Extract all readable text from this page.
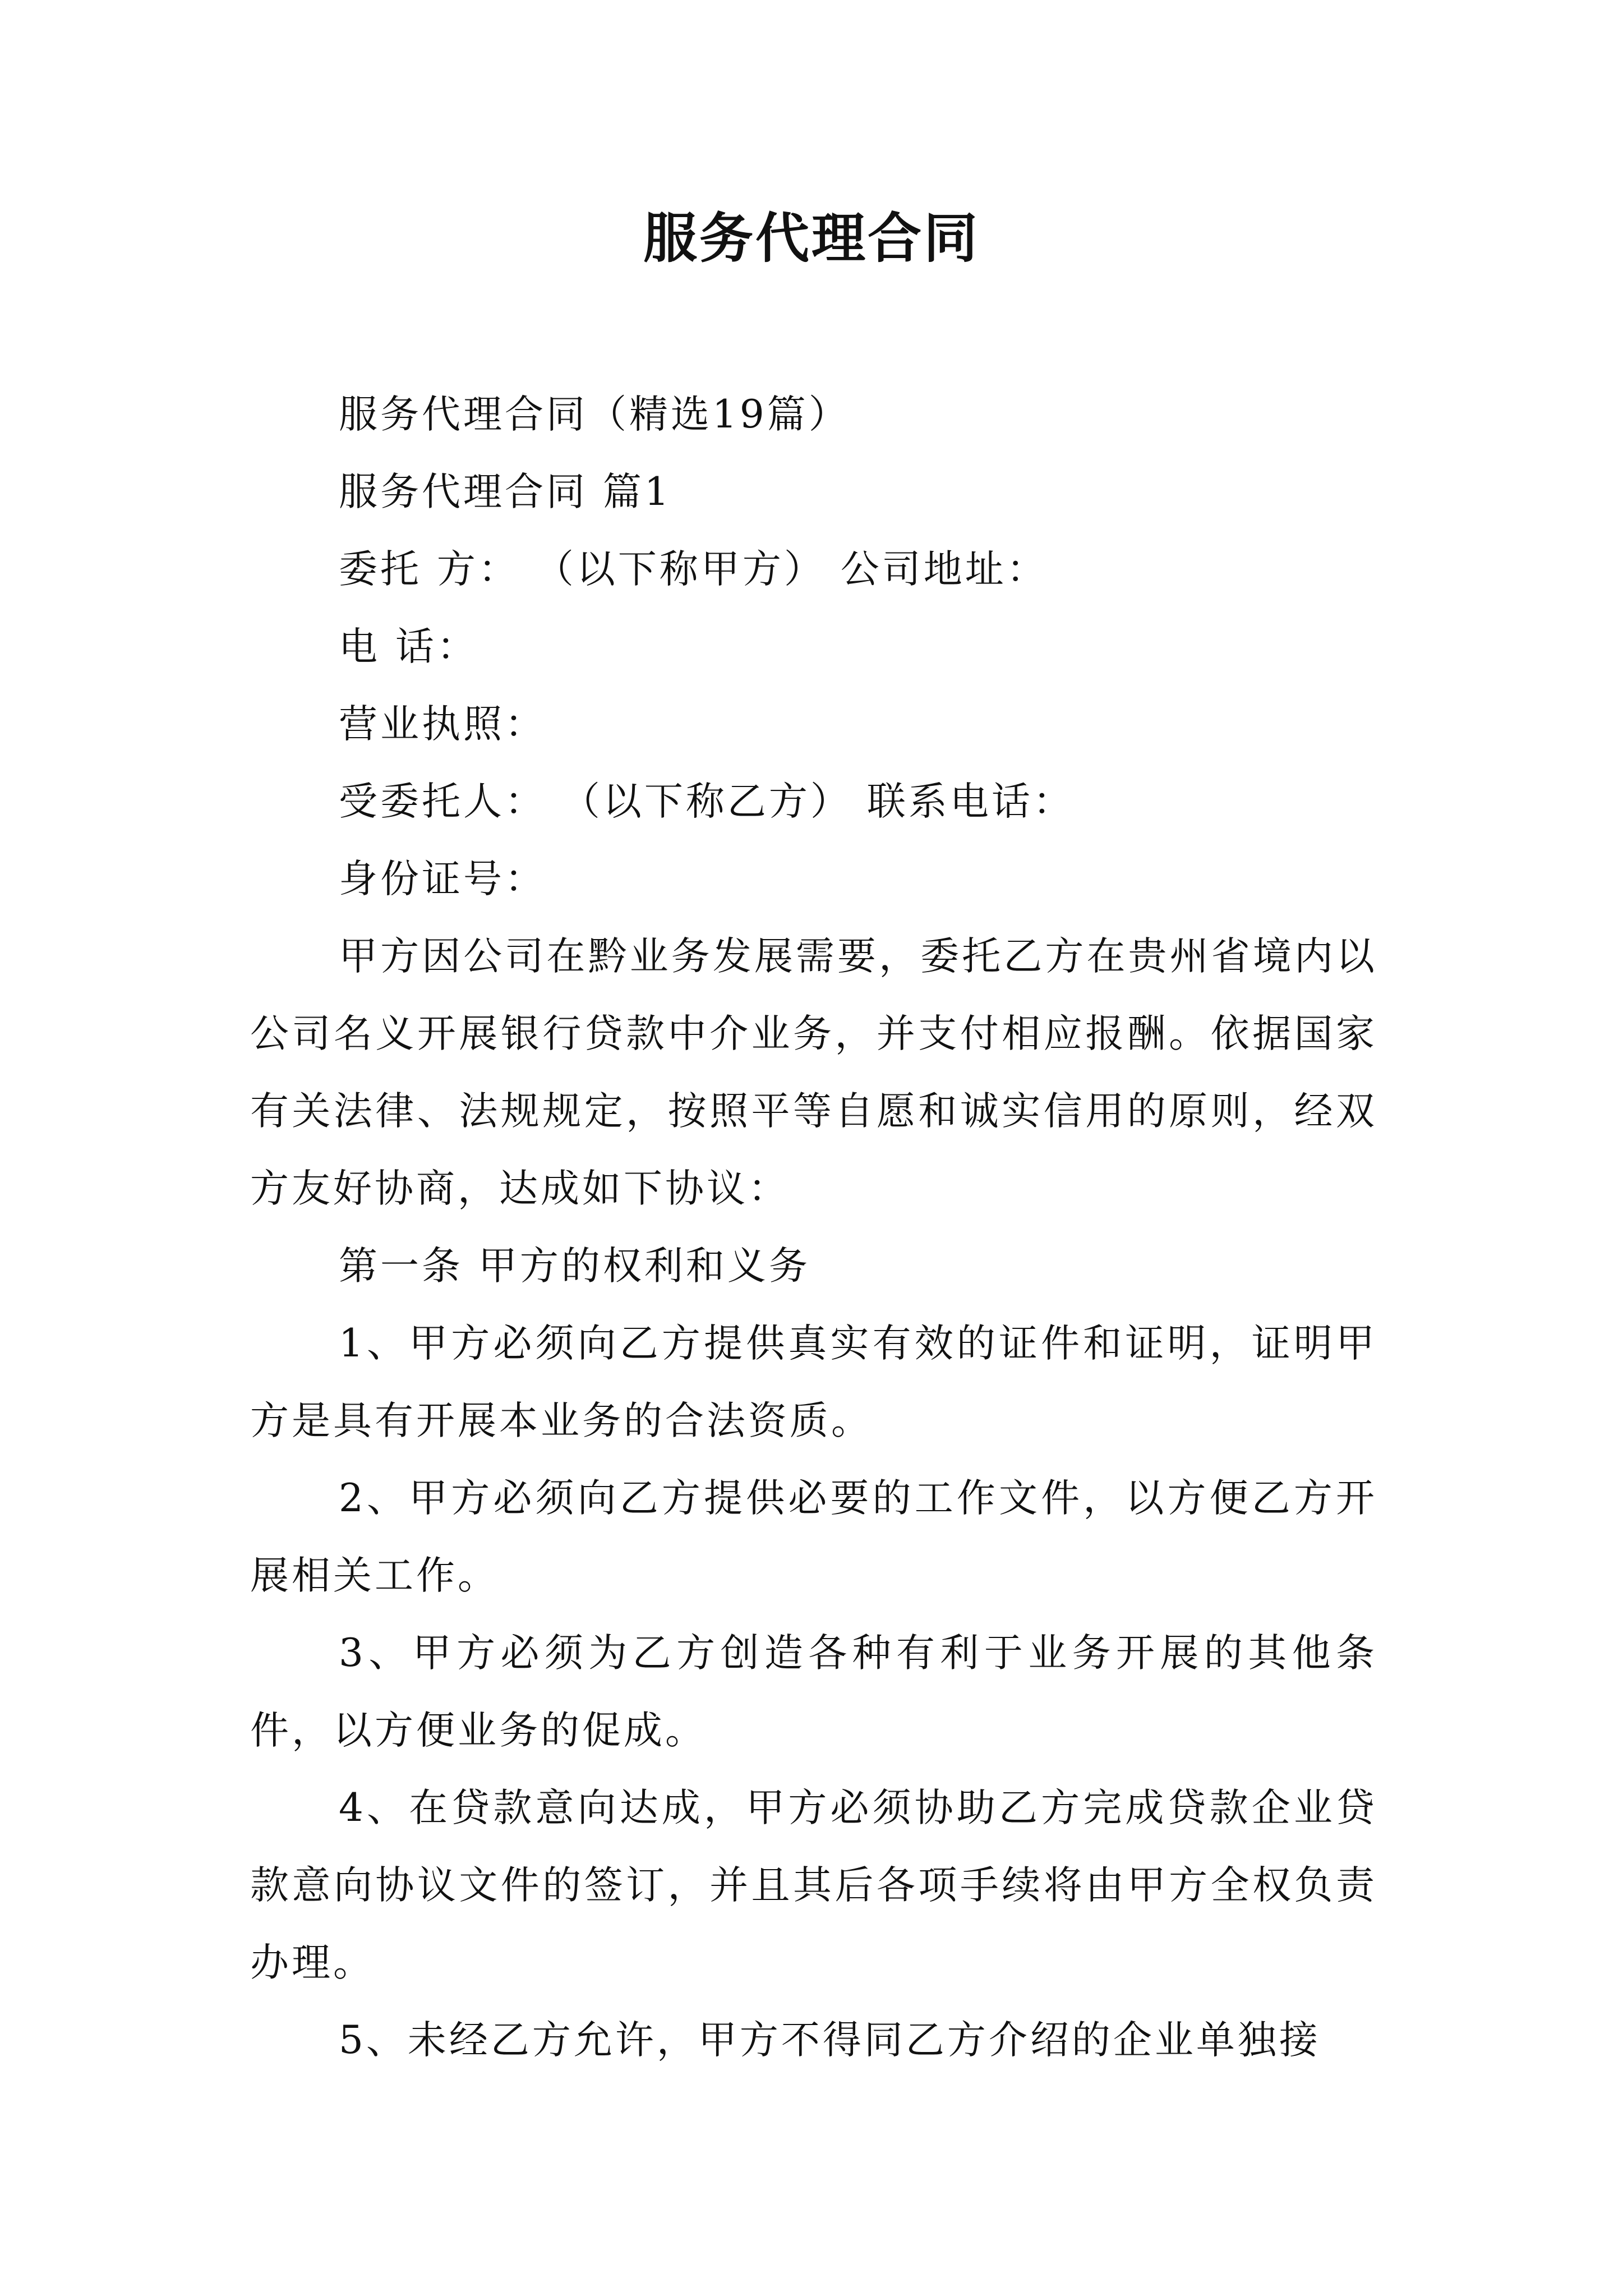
服务代理合同

服务代理合同（精选19篇）

服务代理合同 篇1

委托 方： （以下称甲方） 公司地址：

电 话：

营业执照：

受委托人： （以下称乙方） 联系电话：

身份证号：

甲方因公司在黔业务发展需要，委托乙方在贵州省境内以公司名义开展银行贷款中介业务，并支付相应报酬。依据国家有关法律、法规规定，按照平等自愿和诚实信用的原则，经双方友好协商，达成如下协议：

第一条 甲方的权利和义务

1、甲方必须向乙方提供真实有效的证件和证明，证明甲方是具有开展本业务的合法资质。

2、甲方必须向乙方提供必要的工作文件，以方便乙方开展相关工作。

3、甲方必须为乙方创造各种有利于业务开展的其他条件，以方便业务的促成。

4、在贷款意向达成，甲方必须协助乙方完成贷款企业贷款意向协议文件的签订，并且其后各项手续将由甲方全权负责办理。

5、未经乙方允许，甲方不得同乙方介绍的企业单独接
